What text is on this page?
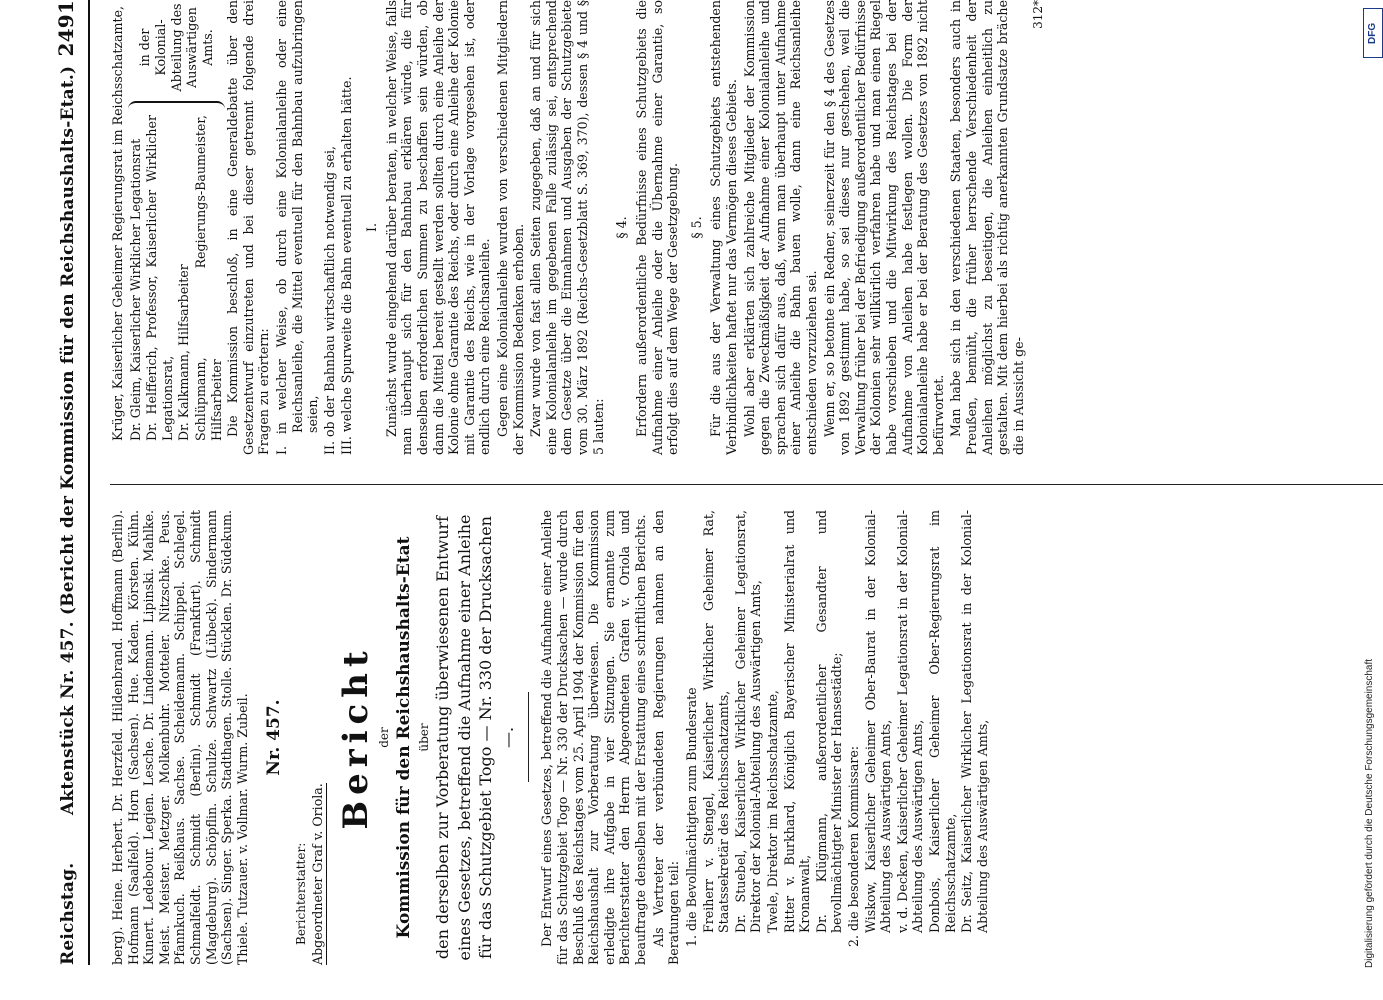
Reichstag.
Aktenstück Nr. 457. (Bericht der Kommission für den Reichshaushalts-Etat.)
2491

berg). Heine. Herbert. Dr. Herzfeld. Hildenbrand. Hoffmann (Berlin). Hofmann (Saalfeld). Horn (Sachsen). Hue. Kaden. Körsten. Kühn. Kunert. Ledebour. Legien. Lesche. Dr. Lindemann. Lipinski. Mahlke. Meist. Meister. Metzger. Molkenbuhr. Motteler. Nitzschke. Peus. Pfannkuch. Reißhaus. Sachse. Scheidemann. Schippel. Schlegel. Schmalfeldt. Schmidt (Berlin). Schmidt (Frankfurt). Schmidt (Magdeburg). Schöpflin. Schulze. Schwartz (Lübeck). Sindermann (Sachsen). Singer. Sperka. Stadthagen. Stolle. Stücklen. Dr. Südekum. Thiele. Tutzauer. v. Vollmar. Wurm. Zubeil. Nr. 457.

Berichterstatter: Abgeordneter Graf v. Oriola.

Bericht der Kommission für den Reichshaushalts-Etat über den derselben zur Vorberatung überwiesenen Entwurf eines Gesetzes, betreffend die Aufnahme einer Anleihe für das Schutzgebiet Togo — Nr. 330 der Drucksachen —. Der Entwurf eines Gesetzes, betreffend die Aufnahme einer Anleihe für das Schutzgebiet Togo — Nr. 330 der Drucksachen — wurde durch Beschluß des Reichstages vom 25. April 1904 der Kommission für den Reichshaushalt zur Vorberatung überwiesen. Die Kommission erledigte ihre Aufgabe in vier Sitzungen. Sie ernannte zum Berichterstatter den Herrn Abgeordneten Grafen v. Oriola und beauftragte denselben mit der Erstattung eines schriftlichen Berichts. Als Vertreter der verbündeten Regierungen nahmen an den Beratungen teil: 1. die Bevollmächtigten zum Bundesrate Freiherr v. Stengel, Kaiserlicher Wirklicher Geheimer Rat, Staatssekretär des Reichsschatzamts, Dr. Stuebel, Kaiserlicher Wirklicher Geheimer Legationsrat, Direktor der Kolonial-Abteilung des Auswärtigen Amts, Twele, Direktor im Reichsschatzamte, Ritter v. Burkhard, Königlich Bayerischer Ministerialrat und Kronanwalt, Dr. Klügmann, außerordentlicher Gesandter und bevollmächtigter Minister der Hansestädte; 2. die besonderen Kommissare: Wiskow, Kaiserlicher Geheimer Ober-Baurat in der Kolonial-Abteilung des Auswärtigen Amts, v. d. Decken, Kaiserlicher Geheimer Legationsrat in der Kolonial-Abteilung des Auswärtigen Amts, Donbois, Kaiserlicher Geheimer Ober-Regierungsrat im Reichsschatzamte, Dr. Seitz, Kaiserlicher Wirklicher Legationsrat in der Kolonial-Abteilung des Auswärtigen Amts,

Krüger, Kaiserlicher Geheimer Regierungsrat im Reichsschatzamte, Dr. Gleim, Kaiserlicher Wirklicher Legationsrat Dr. Helfferich, Professor, Kaiserlicher Wirklicher Legationsrat, Dr. Kalkmann, Hilfsarbeiter Schlüpmann, Regierungs-Baumeister, Hilfsarbeiter
in der Kolonial-Abteilung des Auswärtigen Amts. Die Kommission beschloß, in eine Generaldebatte über den Gesetzentwurf einzutreten und bei dieser getrennt folgende drei Fragen zu erörtern: I. in welcher Weise, ob durch eine Kolonialanleihe oder eine Reichsanleihe, die Mittel eventuell für den Bahnbau aufzubringen seien, II. ob der Bahnbau wirtschaftlich notwendig sei, III. welche Spurweite die Bahn eventuell zu erhalten hätte. I. Zunächst wurde eingehend darüber beraten, in welcher Weise, falls man überhaupt sich für den Bahnbau erklären würde, die für denselben erforderlichen Summen zu beschaffen sein würden, ob dann die Mittel bereit gestellt werden sollten durch eine Anleihe der Kolonie ohne Garantie des Reichs, oder durch eine Anleihe der Kolonie mit Garantie des Reichs, wie in der Vorlage vorgesehen ist, oder endlich durch eine Reichsanleihe. Gegen eine Kolonialanleihe wurden von verschiedenen Mitgliedern der Kommission Bedenken erhoben. Zwar wurde von fast allen Seiten zugegeben, daß an und für sich eine Kolonialanleihe im gegebenen Falle zulässig sei, entsprechend dem Gesetze über die Einnahmen und Ausgaben der Schutzgebiete vom 30. März 1892 (Reichs-Gesetzblatt S. 369, 370), dessen § 4 und § 5 lauten:

§ 4. Erfordern außerordentliche Bedürfnisse eines Schutzgebiets die Aufnahme einer Anleihe oder die Übernahme einer Garantie, so erfolgt dies auf dem Wege der Gesetzgebung. § 5. Für die aus der Verwaltung eines Schutzgebiets entstehenden Verbindlichkeiten haftet nur das Vermögen dieses Gebiets. Wohl aber erklärten sich zahlreiche Mitglieder der Kommission gegen die Zweckmäßigkeit der Aufnahme einer Kolonialanleihe und sprachen sich dafür aus, daß, wenn man überhaupt unter Aufnahme einer Anleihe die Bahn bauen wolle, dann eine Reichsanleihe entschieden vorzuziehen sei. Wenn er, so betonte ein Redner, seinerzeit für den § 4 des Gesetzes von 1892 gestimmt habe, so sei dieses nur geschehen, weil die Verwaltung früher bei der Befriedigung außerordentlicher Bedürfnisse der Kolonien sehr willkürlich verfahren habe und man einen Riegel habe vorschieben und die Mitwirkung des Reichstages bei der Aufnahme von Anleihen habe festlegen wollen. Die Form der Kolonialanleihe habe er bei der Beratung des Gesetzes von 1892 nicht befürwortet. Man habe sich in den verschiedenen Staaten, besonders auch in Preußen, bemüht, die früher herrschende Verschiedenheit der Anleihen möglichst zu beseitigen, die Anleihen einheitlich zu gestalten. Mit dem hierbei als richtig anerkannten Grundsatze bräche die in Aussicht ge-

312*
DFG
Digitalisierung gefördert durch die Deutsche Forschungsgemeinschaft
